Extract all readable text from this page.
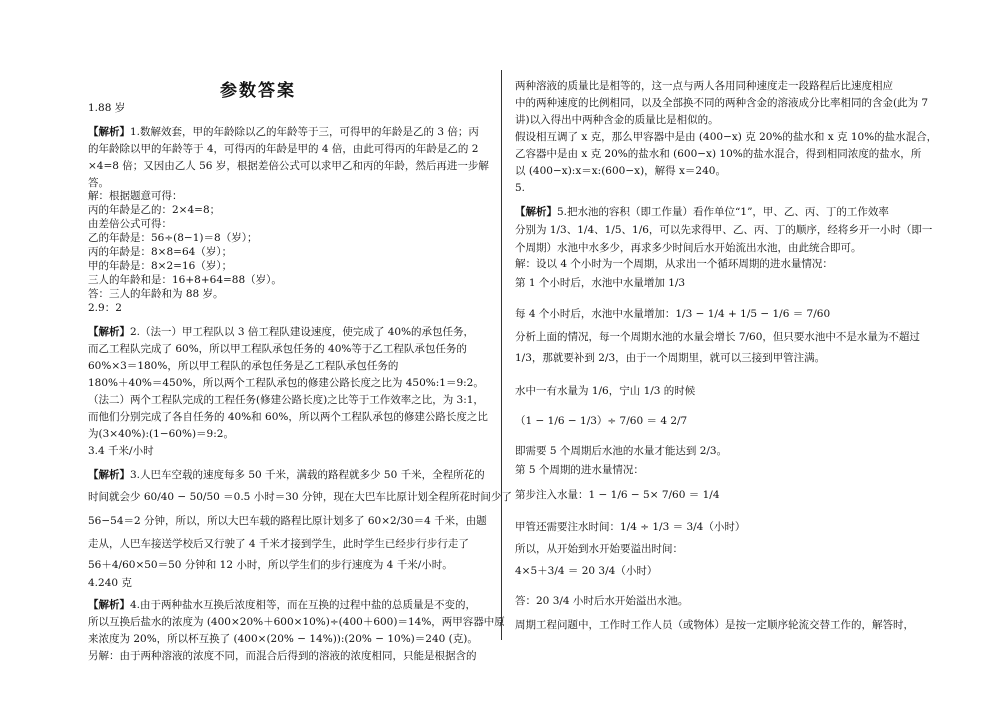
参数答案
1.88 岁
【解析】1.数解效套，甲的年龄除以乙的年龄等于三，可得甲的年龄是乙的 3 倍；丙
的年龄除以甲的年龄等于 4，可得丙的年龄是甲的 4 倍，由此可得丙的年龄是乙的 2
×4=8 倍；又因由乙人 56 岁，根据差倍公式可以求甲乙和丙的年龄，然后再进一步解
答。
解：根据题意可得：
丙的年龄是乙的：2×4=8；
由差倍公式可得：
乙的年龄是：56÷(8−1)＝8（岁）；
丙的年龄是：8×8=64（岁）；
甲的年龄是：8×2=16（岁）；
三人的年龄和是：16+8+64=88（岁）。
答：三人的年龄和为 88 岁。
2.9：2
【解析】2.（法一）甲工程队以 3 倍工程队建设速度，使完成了 40%的承包任务，
而乙工程队完成了 60%，所以甲工程队承包任务的 40%等于乙工程队承包任务的
60%×3＝180%，所以甲工程队的承包任务是乙工程队承包任务的
180%＋40%＝450%，所以两个工程队承包的修建公路长度之比为 450%:1＝9:2。
（法二）两个工程队完成的工程任务(修建公路长度)之比等于工作效率之比，为 3:1，
而他们分别完成了各自任务的 40%和 60%，所以两个工程队承包的修建公路长度之比
为(3×40%):(1−60%)＝9:2。
3.4 千米/小时
【解析】3.人巴车空载的速度每多 50 千米，满载的路程就多少 50 千米，全程所花的
时间就会少 60/40 − 50/50 ＝0.5 小时＝30 分钟，现在大巴车比原计划全程所花时间少了
56−54＝2 分钟，所以，所以大巴车载的路程比原计划多了 60×2/30＝4 千米，由题
走从，人巴车接送学校后又行驶了 4 千米才接到学生，此时学生已经步行步行走了
56＋4/60×50＝50 分钟和 12 小时，所以学生们的步行速度为 4 千米/小时。
4.240 克
【解析】4.由于两种盐水互换后浓度相等，而在互换的过程中盐的总质量是不变的，
所以互换后盐水的浓度为 (400×20%＋600×10%)÷(400＋600)＝14%，两甲容器中原
来浓度为 20%，所以杯互换了 (400×(20% − 14%)):(20% − 10%)＝240 (克)。
另解：由于两种溶液的浓度不同，而混合后得到的溶液的浓度相同，只能是根据含的
两种溶液的质量比是相等的，这一点与两人各用同种速度走一段路程后比速度相应
中的两种速度的比例相同，以及全部换不同的两种含金的溶液成分比率相同的含金(此为 7
讲)以入得出中两种含金的质量比是相似的。
假设相互调了 x 克，那么甲容器中是由 (400−x) 克 20%的盐水和 x 克 10%的盐水混合，
乙容器中是由 x 克 20%的盐水和 (600−x) 10%的盐水混合，得到相同浓度的盐水，所
以 (400−x):x＝x:(600−x)，解得 x＝240。
5.
【解析】5.把水池的容积（即工作量）看作单位“1”，甲、乙、丙、丁的工作效率
分别为 1/3、1/4、1/5、1/6，可以先求得甲、乙、丙、丁的顺序，经将乡开一小时（即一
个周期）水池中水多少，再求多少时间后水开始流出水池，由此统合即可。
解：设以 4 个小时为一个周期，从求出一个循环周期的进水量情况：
第 1 个小时后，水池中水量增加 1/3
每 4 个小时后，水池中水量增加：1/3 − 1/4 + 1/5 − 1/6 ＝ 7/60
分析上面的情况，每一个周期水池的水量会增长 7/60，但只要水池中不是水量为不超过
1/3，那就要补到 2/3，由于一个周期里，就可以三接到甲管注满。
水中一有水量为 1/6，宁山 1/3 的时候
（1 − 1/6 − 1/3）÷ 7/60 ＝ 4 2/7
即需要 5 个周期后水池的水量才能达到 2/3。
第 5 个周期的进水量情况：
第步注入水量：1 − 1/6 − 5× 7/60 ＝ 1/4
甲管还需要注水时间：1/4 ÷ 1/3 ＝ 3/4（小时）
所以，从开始到水开始要溢出时间：
4×5＋3/4 ＝ 20 3/4（小时）
答：20 3/4 小时后水开始溢出水池。
周期工程问题中，工作时工作人员（或物体）是按一定顺序轮流交替工作的，解答时，
